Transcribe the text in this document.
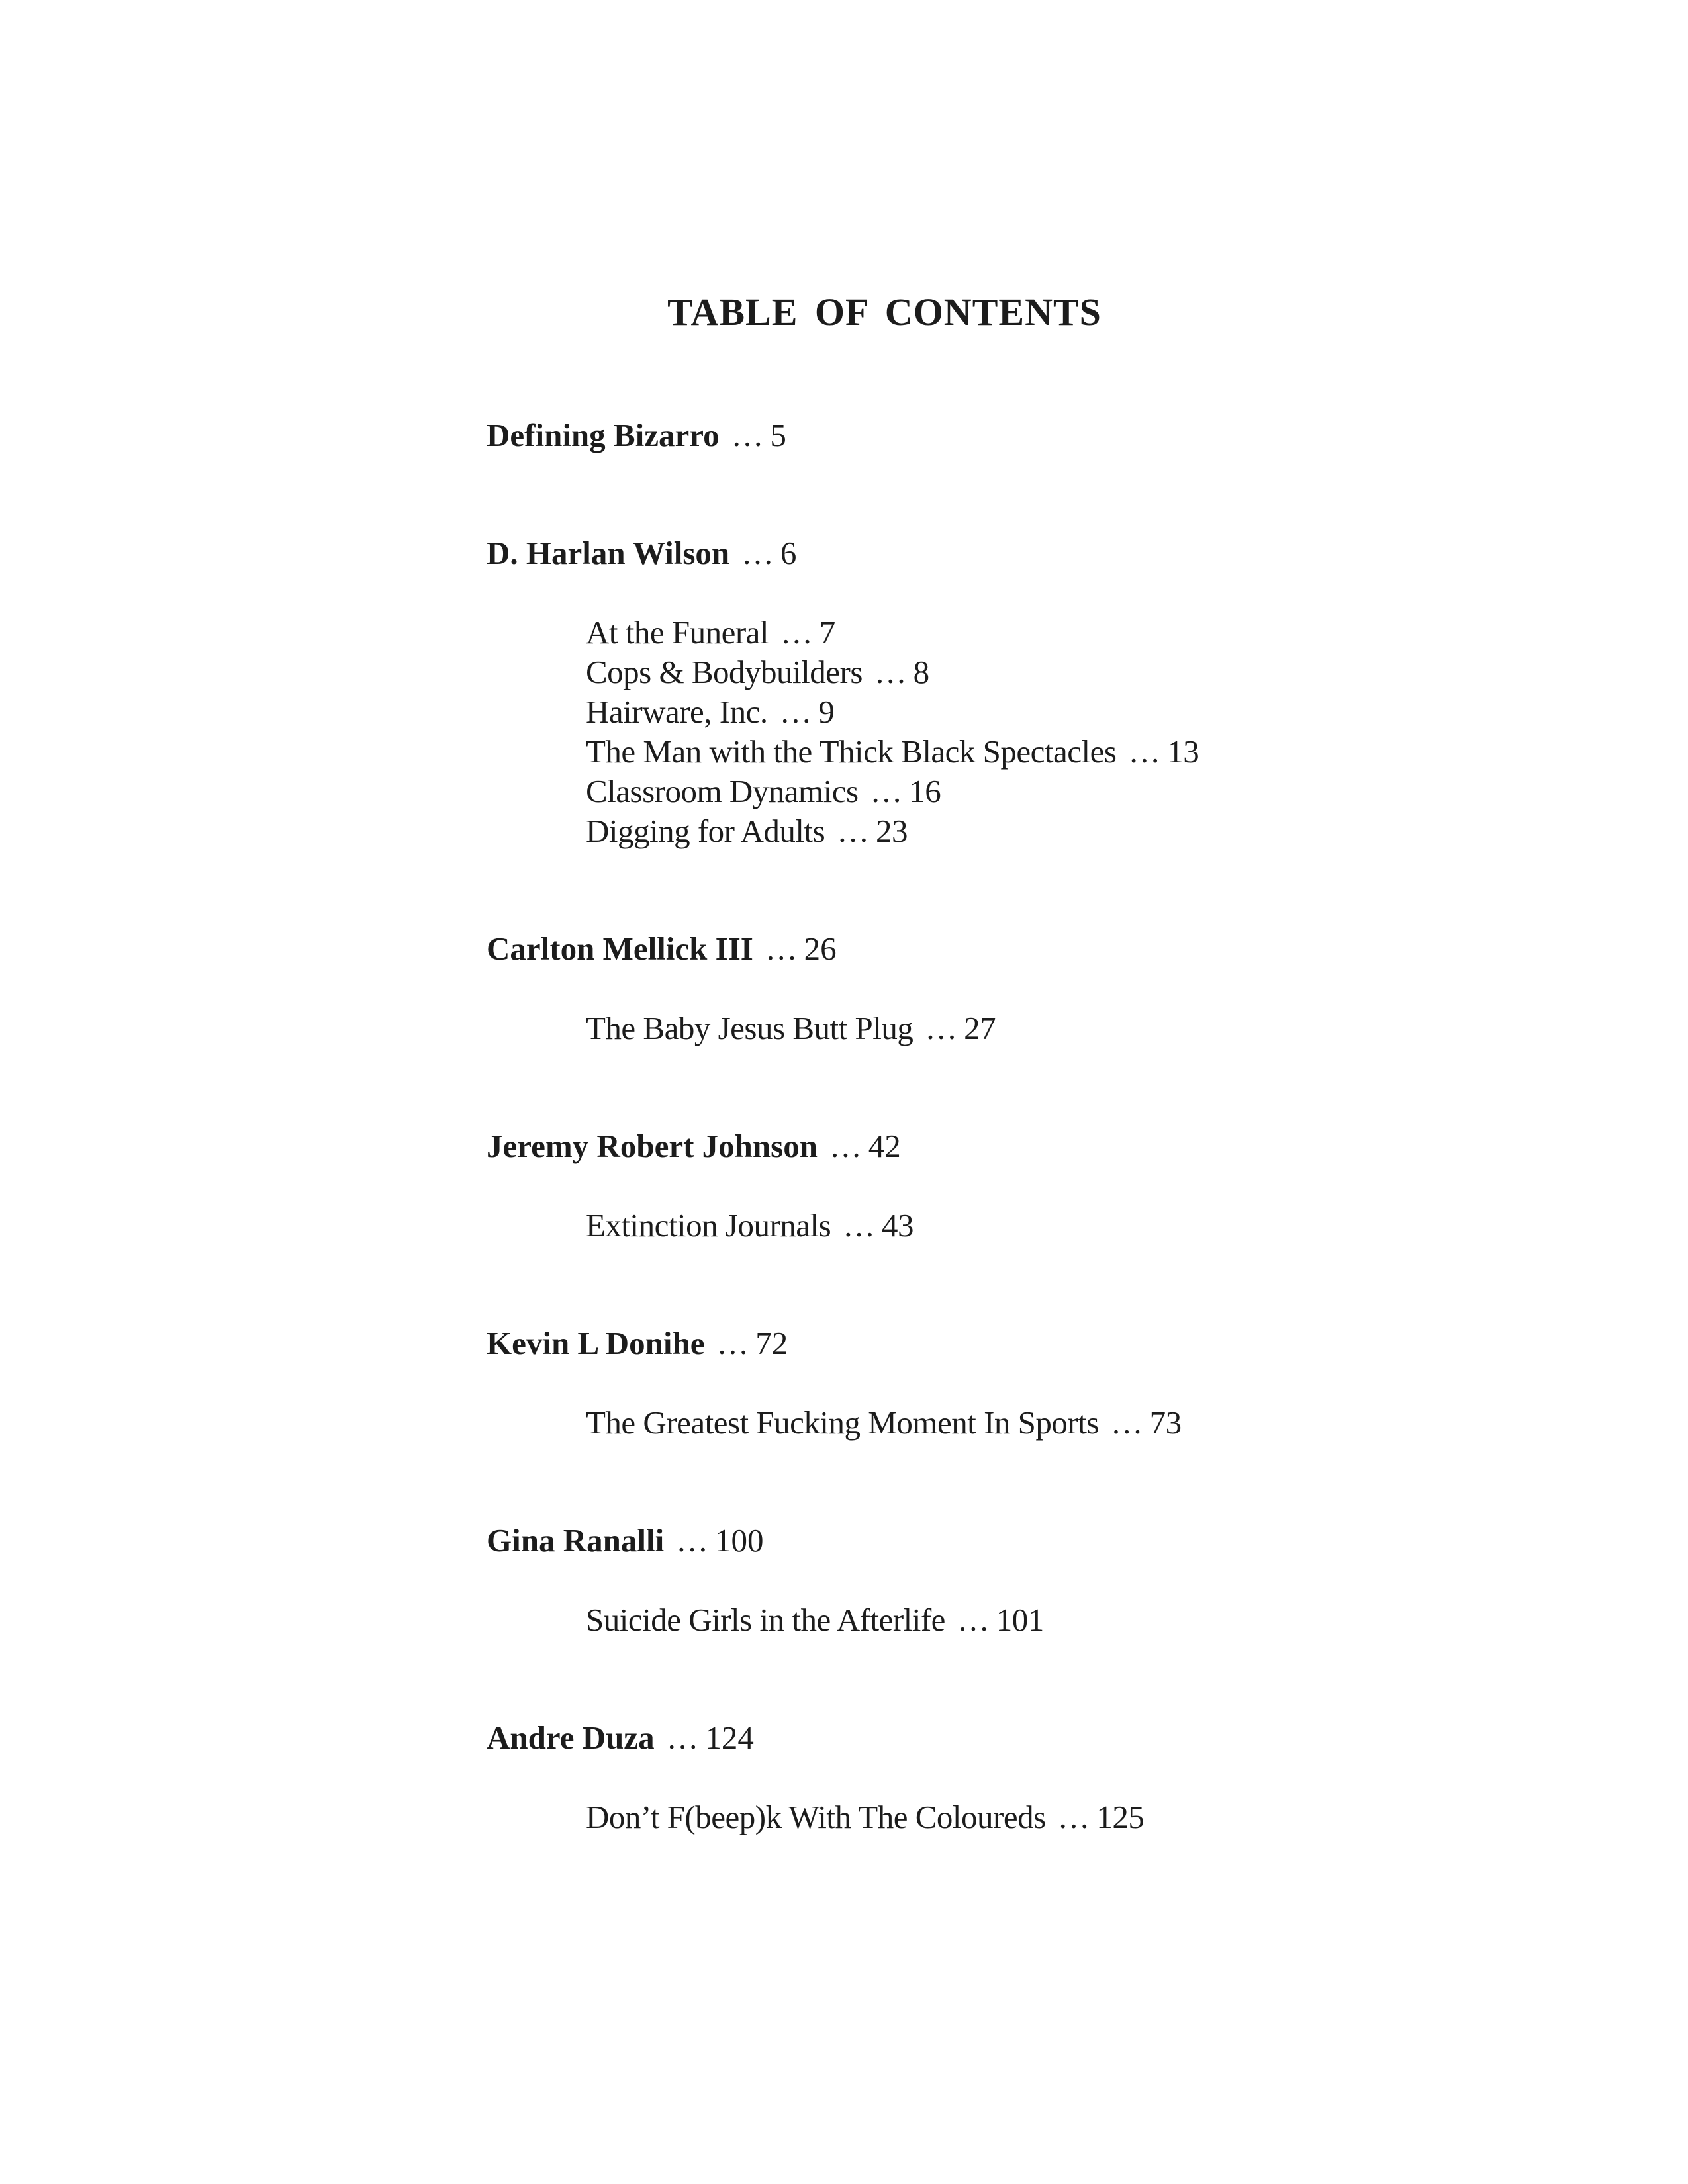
TABLE OF CONTENTS
Defining Bizarro ... 5
D. Harlan Wilson ... 6
At the Funeral ... 7
Cops & Bodybuilders ... 8
Hairware, Inc. ... 9
The Man with the Thick Black Spectacles ... 13
Classroom Dynamics ... 16
Digging for Adults ... 23
Carlton Mellick III ... 26
The Baby Jesus Butt Plug ... 27
Jeremy Robert Johnson ... 42
Extinction Journals ... 43
Kevin L Donihe ... 72
The Greatest Fucking Moment In Sports ... 73
Gina Ranalli ... 100
Suicide Girls in the Afterlife ... 101
Andre Duza ... 124
Don’t F(beep)k With The Coloureds ... 125
